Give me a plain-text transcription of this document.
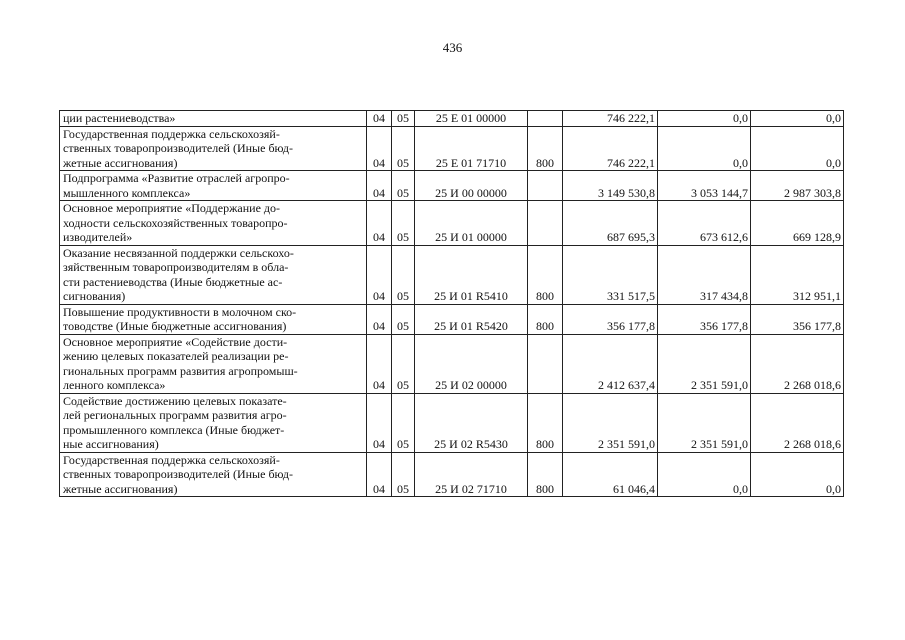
436
ции растениеводства»	04	05	25 Е 01 00000		746 222,1	0,0	0,0

Государственная поддержка сельскохозяй-
ственных товаропроизводителей (Иные бюд-
жетные ассигнования)	04	05	25 Е 01 71710	800	746 222,1	0,0	0,0

Подпрограмма «Развитие отраслей агропро-
мышленного комплекса»	04	05	25 И 00 00000		3 149 530,8	3 053 144,7	2 987 303,8

Основное мероприятие «Поддержание до-
ходности сельскохозяйственных товаропро-
изводителей»	04	05	25 И 01 00000		687 695,3	673 612,6	669 128,9

Оказание несвязанной поддержки сельскохо-
зяйственным товаропроизводителям в обла-
сти растениеводства (Иные бюджетные ас-
сигнования)	04	05	25 И 01 R5410	800	331 517,5	317 434,8	312 951,1

Повышение продуктивности в молочном ско-
товодстве (Иные бюджетные ассигнования)	04	05	25 И 01 R5420	800	356 177,8	356 177,8	356 177,8

Основное мероприятие «Содействие дости-
жению целевых показателей реализации ре-
гиональных программ развития агропромыш-
ленного комплекса»	04	05	25 И 02 00000		2 412 637,4	2 351 591,0	2 268 018,6

Содействие достижению целевых показате-
лей региональных программ развития агро-
промышленного комплекса (Иные бюджет-
ные ассигнования)	04	05	25 И 02 R5430	800	2 351 591,0	2 351 591,0	2 268 018,6

Государственная поддержка сельскохозяй-
ственных товаропроизводителей (Иные бюд-
жетные ассигнования)	04	05	25 И 02 71710	800	61 046,4	0,0	0,0
